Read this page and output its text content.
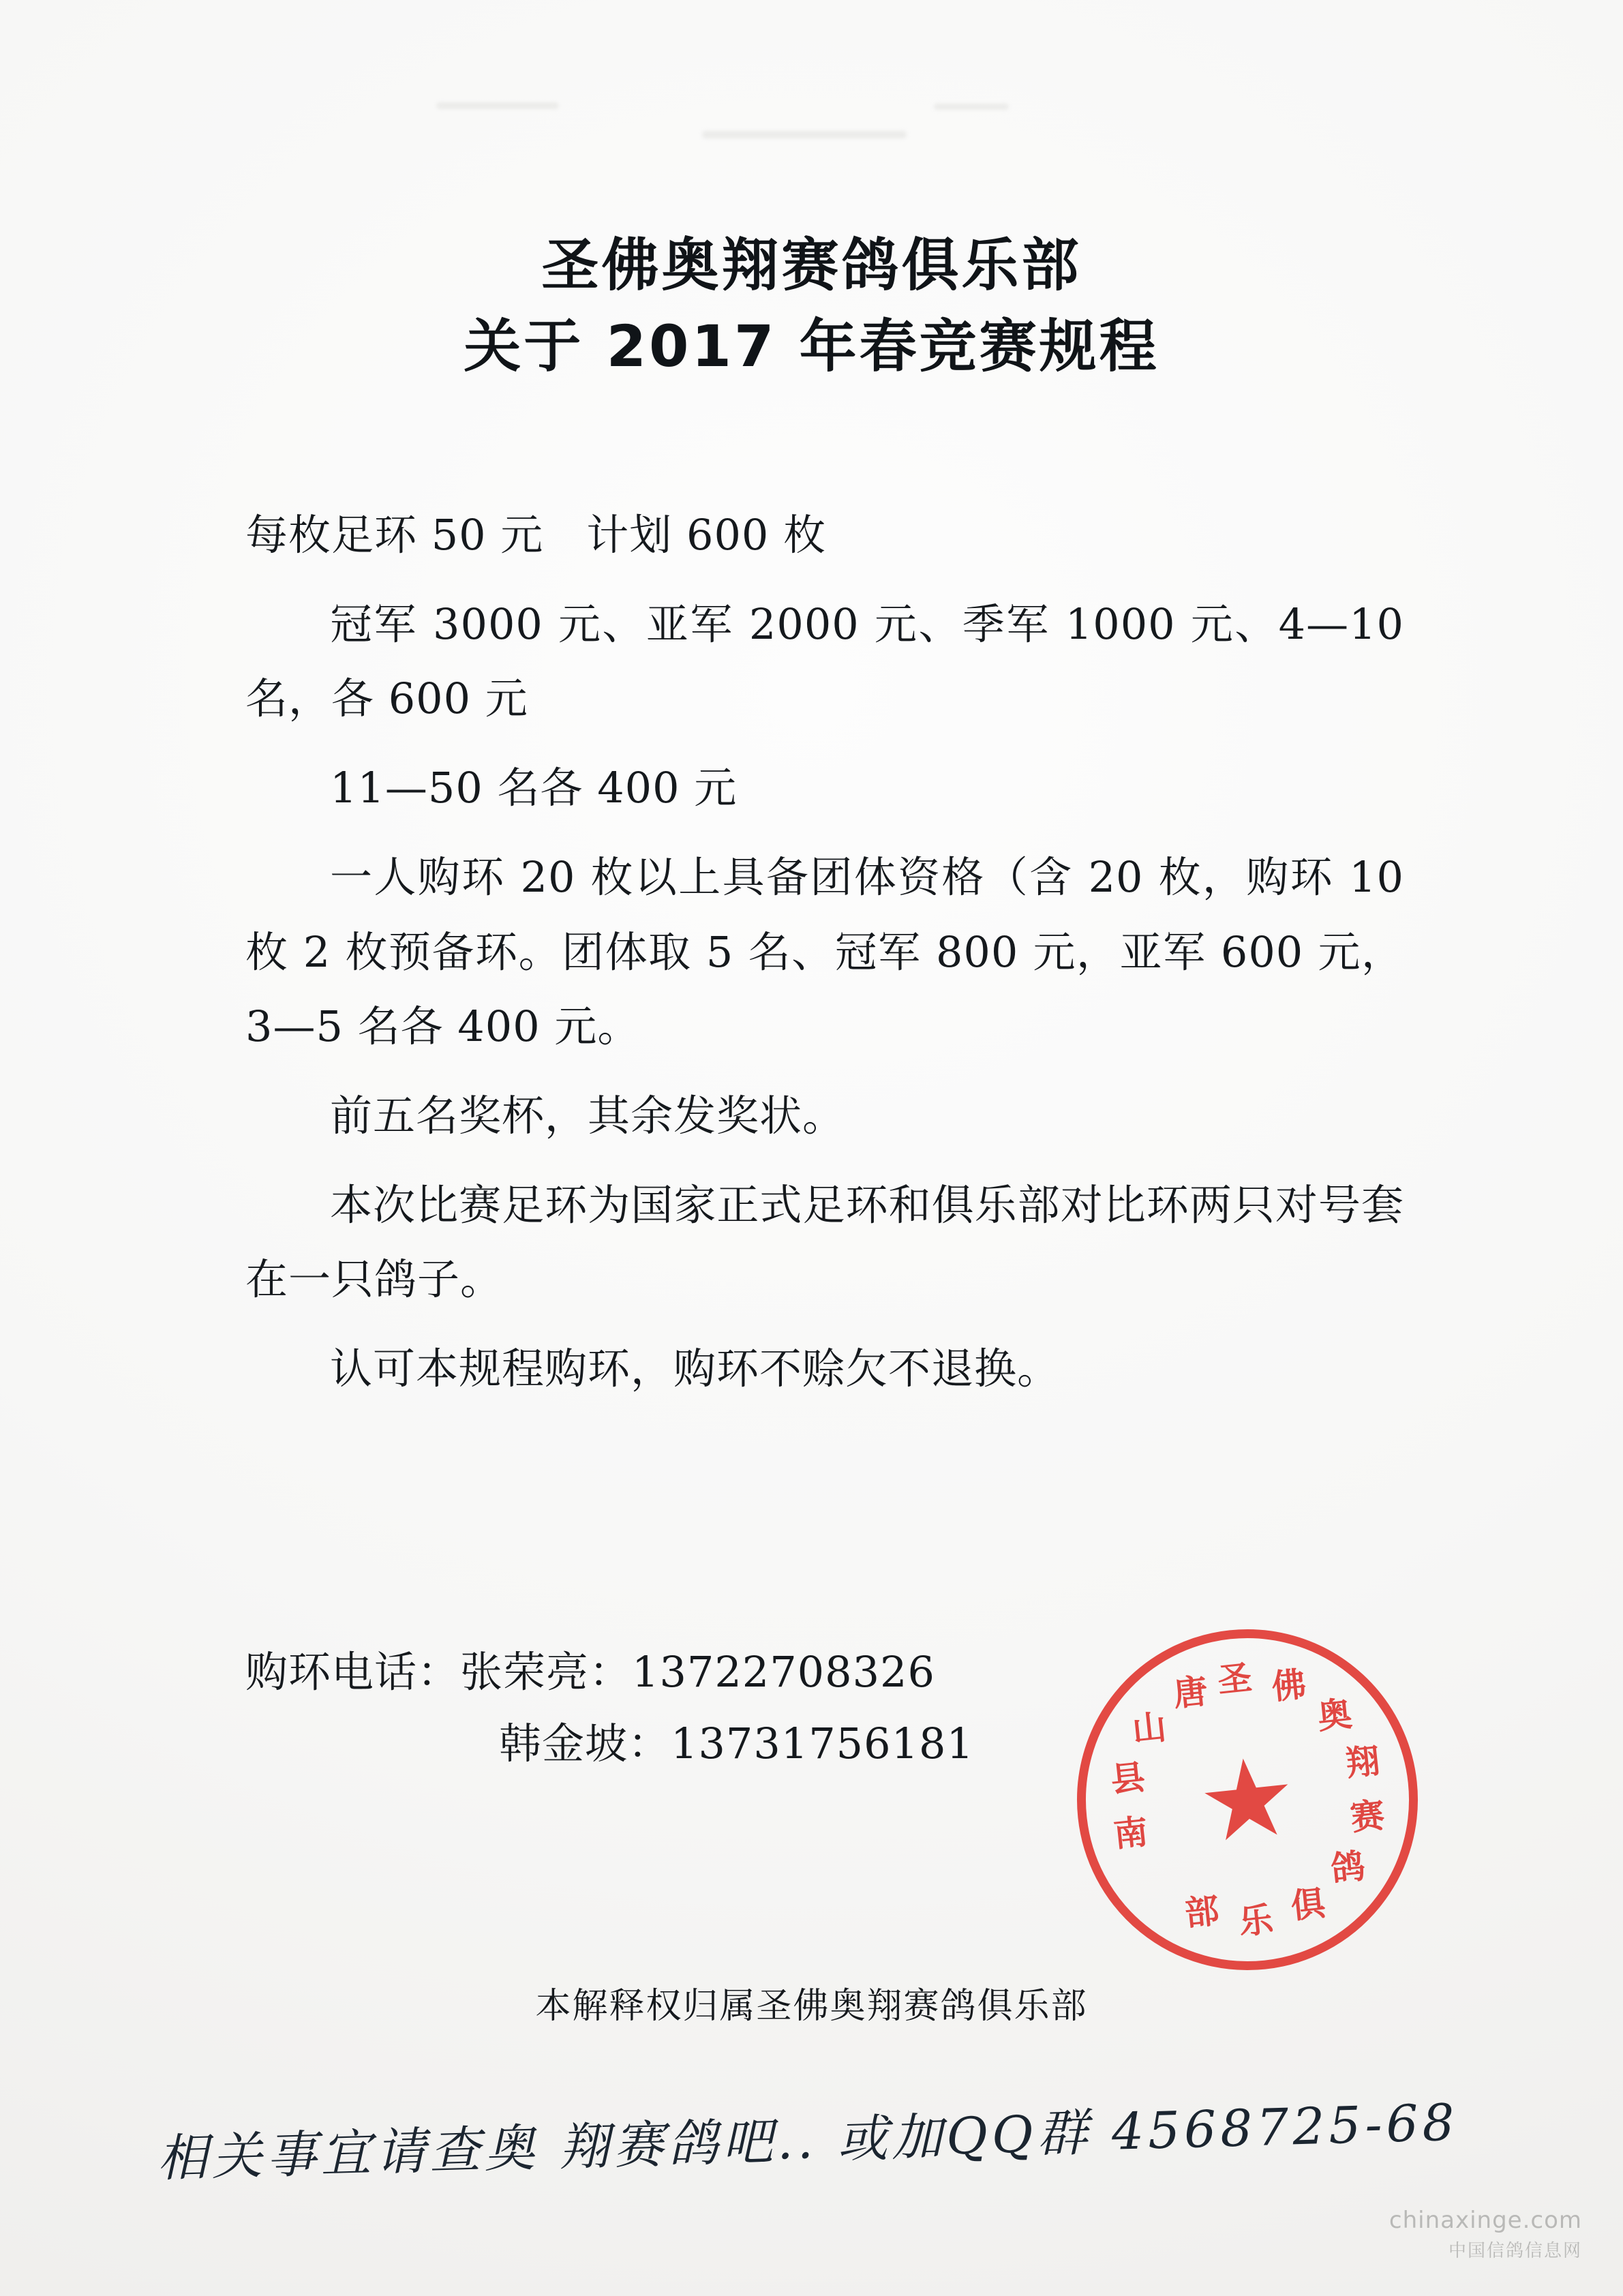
圣佛奥翔赛鸽俱乐部
关于 2017 年春竞赛规程

每枚足环 50 元　计划 600 枚

冠军 3000 元、亚军 2000 元、季军 1000 元、4—10 名，各 600 元

11—50 名各 400 元

一人购环 20 枚以上具备团体资格（含 20 枚，购环 10 枚 2 枚预备环。团体取 5 名、冠军 800 元，亚军 600 元，3—5 名各 400 元。

前五名奖杯，其余发奖状。

本次比赛足环为国家正式足环和俱乐部对比环两只对号套在一只鸽子。

认可本规程购环，购环不赊欠不退换。

购环电话：张荣亮：13722708326

韩金坡：13731756181

圣 佛
奥
翔
赛
鸽
俱
乐
部
南
县
山
唐
★
本解释权归属圣佛奥翔赛鸽俱乐部
相关事宜请查奥 翔赛鸽吧.. 或加QQ群 4568725-68
chinaxinge.com
中国信鸽信息网
